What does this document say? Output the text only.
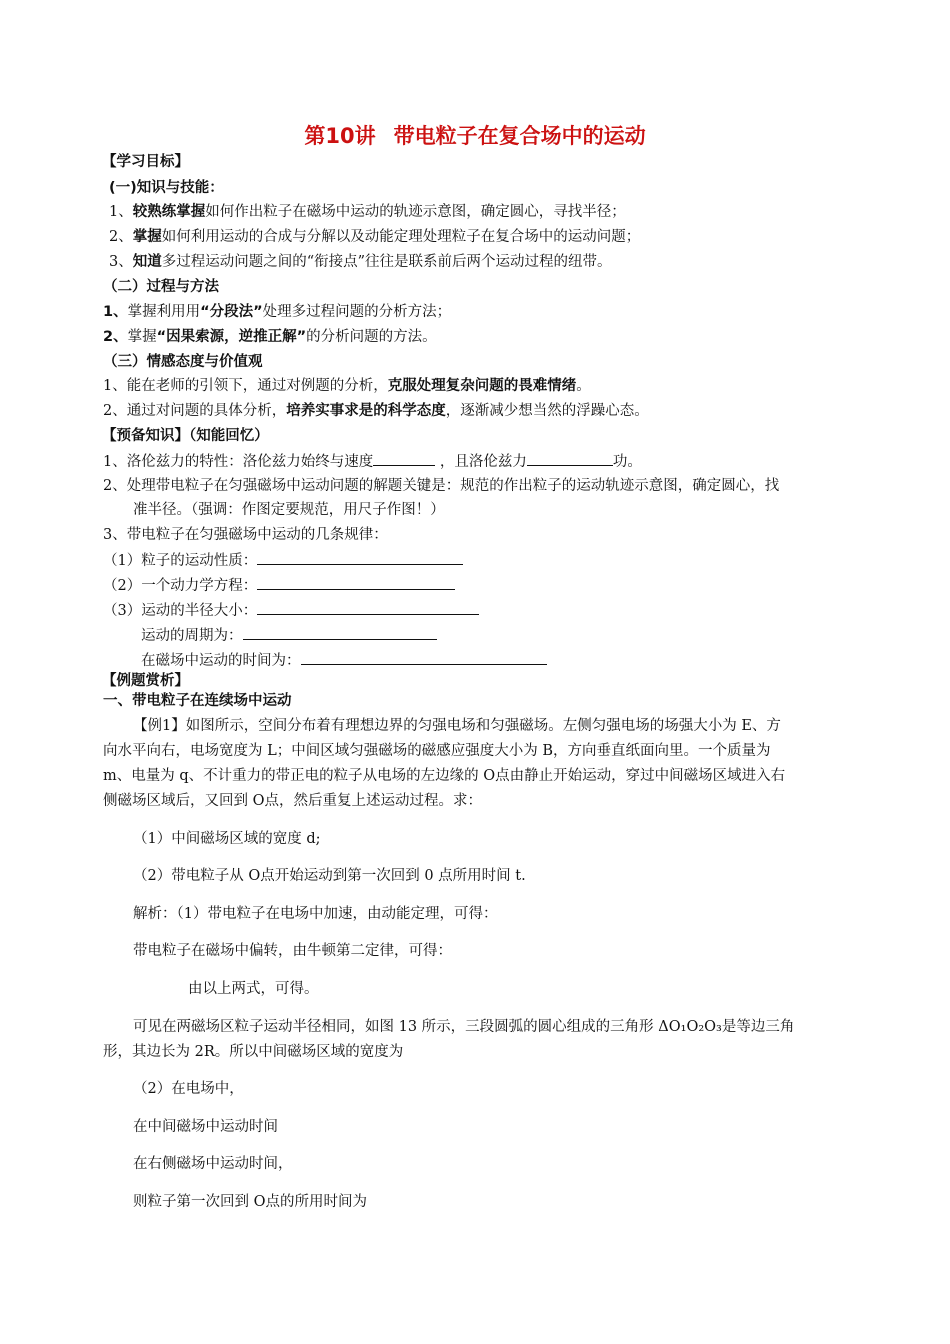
第10讲 带电粒子在复合场中的运动
【学习目标】
(一)知识与技能：
1、较熟练掌握如何作出粒子在磁场中运动的轨迹示意图，确定圆心，寻找半径；
2、掌握如何利用运动的合成与分解以及动能定理处理粒子在复合场中的运动问题；
3、知道多过程运动问题之间的“衔接点”往往是联系前后两个运动过程的纽带。
（二）过程与方法
1、掌握利用用“分段法”处理多过程问题的分析方法；
2、掌握“因果索源，逆推正解”的分析问题的方法。
（三）情感态度与价值观
1、能在老师的引领下，通过对例题的分析，克服处理复杂问题的畏难情绪。
2、通过对问题的具体分析，培养实事求是的科学态度，逐渐减少想当然的浮躁心态。
【预备知识】（知能回忆）
1、洛伦兹力的特性：洛伦兹力始终与速度	，且洛伦兹力	功。
2、处理带电粒子在匀强磁场中运动问题的解题关键是：规范的作出粒子的运动轨迹示意图，确定圆心，找
准半径。（强调：作图定要规范，用尺子作图！）
3、带电粒子在匀强磁场中运动的几条规律：
（1）粒子的运动性质：
（2）一个动力学方程：
（3）运动的半径大小：
运动的周期为：
在磁场中运动的时间为：
【例题赏析】
一、带电粒子在连续场中运动
【例1】如图所示，空间分布着有理想边界的匀强电场和匀强磁场。左侧匀强电场的场强大小为 E、方
向水平向右，电场宽度为 L；中间区域匀强磁场的磁感应强度大小为 B，方向垂直纸面向里。一个质量为
m、电量为 q、不计重力的带正电的粒子从电场的左边缘的 O点由静止开始运动，穿过中间磁场区域进入右
侧磁场区域后，又回到 O点，然后重复上述运动过程。求：
（1）中间磁场区域的宽度 d;
（2）带电粒子从 O点开始运动到第一次回到 0 点所用时间 t.
解析：（1）带电粒子在电场中加速，由动能定理，可得：
带电粒子在磁场中偏转，由牛顿第二定律，可得：
由以上两式，可得。
可见在两磁场区粒子运动半径相同，如图 13 所示，三段圆弧的圆心组成的三角形 ΔO₁O₂O₃是等边三角
形，其边长为 2R。所以中间磁场区域的宽度为
（2）在电场中，
在中间磁场中运动时间
在右侧磁场中运动时间，
则粒子第一次回到 O点的所用时间为
